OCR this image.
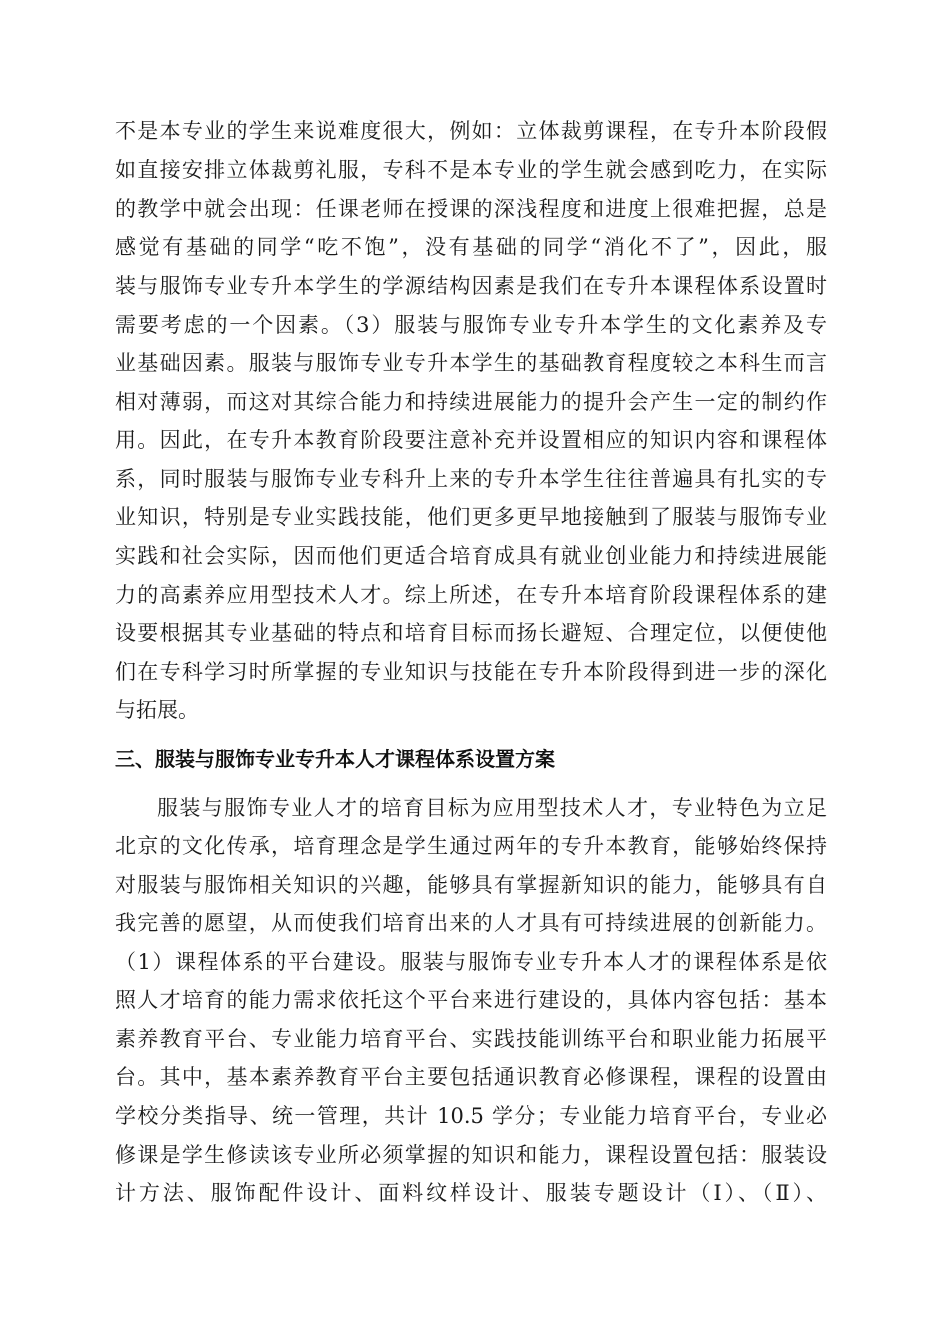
不是本专业的学生来说难度很大，例如：立体裁剪课程，在专升本阶段假
如直接安排立体裁剪礼服，专科不是本专业的学生就会感到吃力，在实际
的教学中就会出现：任课老师在授课的深浅程度和进度上很难把握，总是
感觉有基础的同学“吃不饱”，没有基础的同学“消化不了”，因此，服
装与服饰专业专升本学生的学源结构因素是我们在专升本课程体系设置时
需要考虑的一个因素。（3）服装与服饰专业专升本学生的文化素养及专
业基础因素。服装与服饰专业专升本学生的基础教育程度较之本科生而言
相对薄弱，而这对其综合能力和持续进展能力的提升会产生一定的制约作
用。因此，在专升本教育阶段要注意补充并设置相应的知识内容和课程体
系，同时服装与服饰专业专科升上来的专升本学生往往普遍具有扎实的专
业知识，特别是专业实践技能，他们更多更早地接触到了服装与服饰专业
实践和社会实际，因而他们更适合培育成具有就业创业能力和持续进展能
力的高素养应用型技术人才。综上所述，在专升本培育阶段课程体系的建
设要根据其专业基础的特点和培育目标而扬长避短、合理定位，以便使他
们在专科学习时所掌握的专业知识与技能在专升本阶段得到进一步的深化
与拓展。
三、服装与服饰专业专升本人才课程体系设置方案
服装与服饰专业人才的培育目标为应用型技术人才，专业特色为立足
北京的文化传承，培育理念是学生通过两年的专升本教育，能够始终保持
对服装与服饰相关知识的兴趣，能够具有掌握新知识的能力，能够具有自
我完善的愿望，从而使我们培育出来的人才具有可持续进展的创新能力。
（1）课程体系的平台建设。服装与服饰专业专升本人才的课程体系是依
照人才培育的能力需求依托这个平台来进行建设的，具体内容包括：基本
素养教育平台、专业能力培育平台、实践技能训练平台和职业能力拓展平
台。其中，基本素养教育平台主要包括通识教育必修课程，课程的设置由
学校分类指导、统一管理，共计 10.5 学分；专业能力培育平台，专业必
修课是学生修读该专业所必须掌握的知识和能力，课程设置包括：服装设
计方法、服饰配件设计、面料纹样设计、服装专题设计（Ⅰ）、（Ⅱ）、
